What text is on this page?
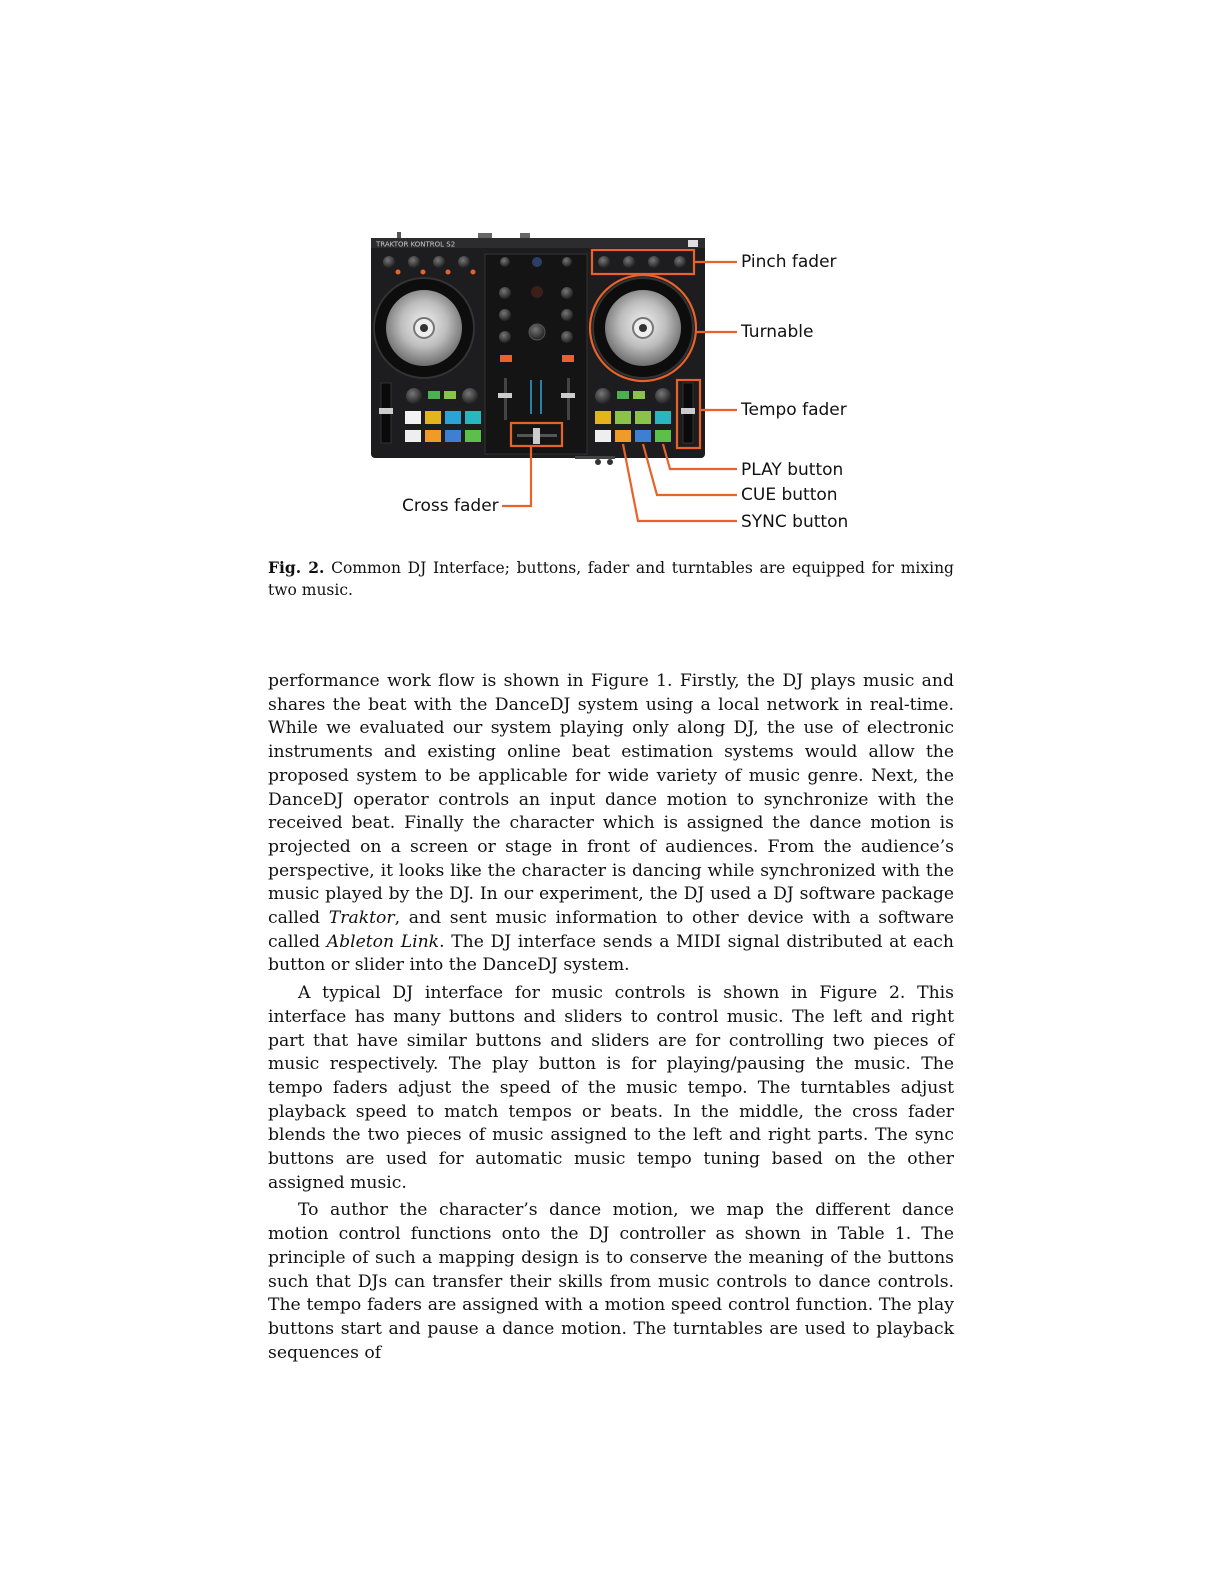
TRAKTOR KONTROL S2
Pinch fader
Turnable
Tempo fader
PLAY button
CUE button
SYNC button
Cross fader
Fig. 2. Common DJ Interface; buttons, fader and turntables are equipped for mixing two music.

performance work flow is shown in Figure 1. Firstly, the DJ plays music and shares the beat with the DanceDJ system using a local network in real-time. While we evaluated our system playing only along DJ, the use of electronic instruments and existing online beat estimation systems would allow the proposed system to be applicable for wide variety of music genre. Next, the DanceDJ operator controls an input dance motion to synchronize with the received beat. Finally the character which is assigned the dance motion is projected on a screen or stage in front of audiences. From the audience’s perspective, it looks like the character is dancing while synchronized with the music played by the DJ. In our experiment, the DJ used a DJ software package called Traktor, and sent music information to other device with a software called Ableton Link. The DJ interface sends a MIDI signal distributed at each button or slider into the DanceDJ system.

A typical DJ interface for music controls is shown in Figure 2. This interface has many buttons and sliders to control music. The left and right part that have similar buttons and sliders are for controlling two pieces of music respectively. The play button is for playing/pausing the music. The tempo faders adjust the speed of the music tempo. The turntables adjust playback speed to match tempos or beats. In the middle, the cross fader blends the two pieces of music assigned to the left and right parts. The sync buttons are used for automatic music tempo tuning based on the other assigned music.

To author the character’s dance motion, we map the different dance motion control functions onto the DJ controller as shown in Table 1. The principle of such a mapping design is to conserve the meaning of the buttons such that DJs can transfer their skills from music controls to dance controls. The tempo faders are assigned with a motion speed control function. The play buttons start and pause a dance motion. The turntables are used to playback sequences of
